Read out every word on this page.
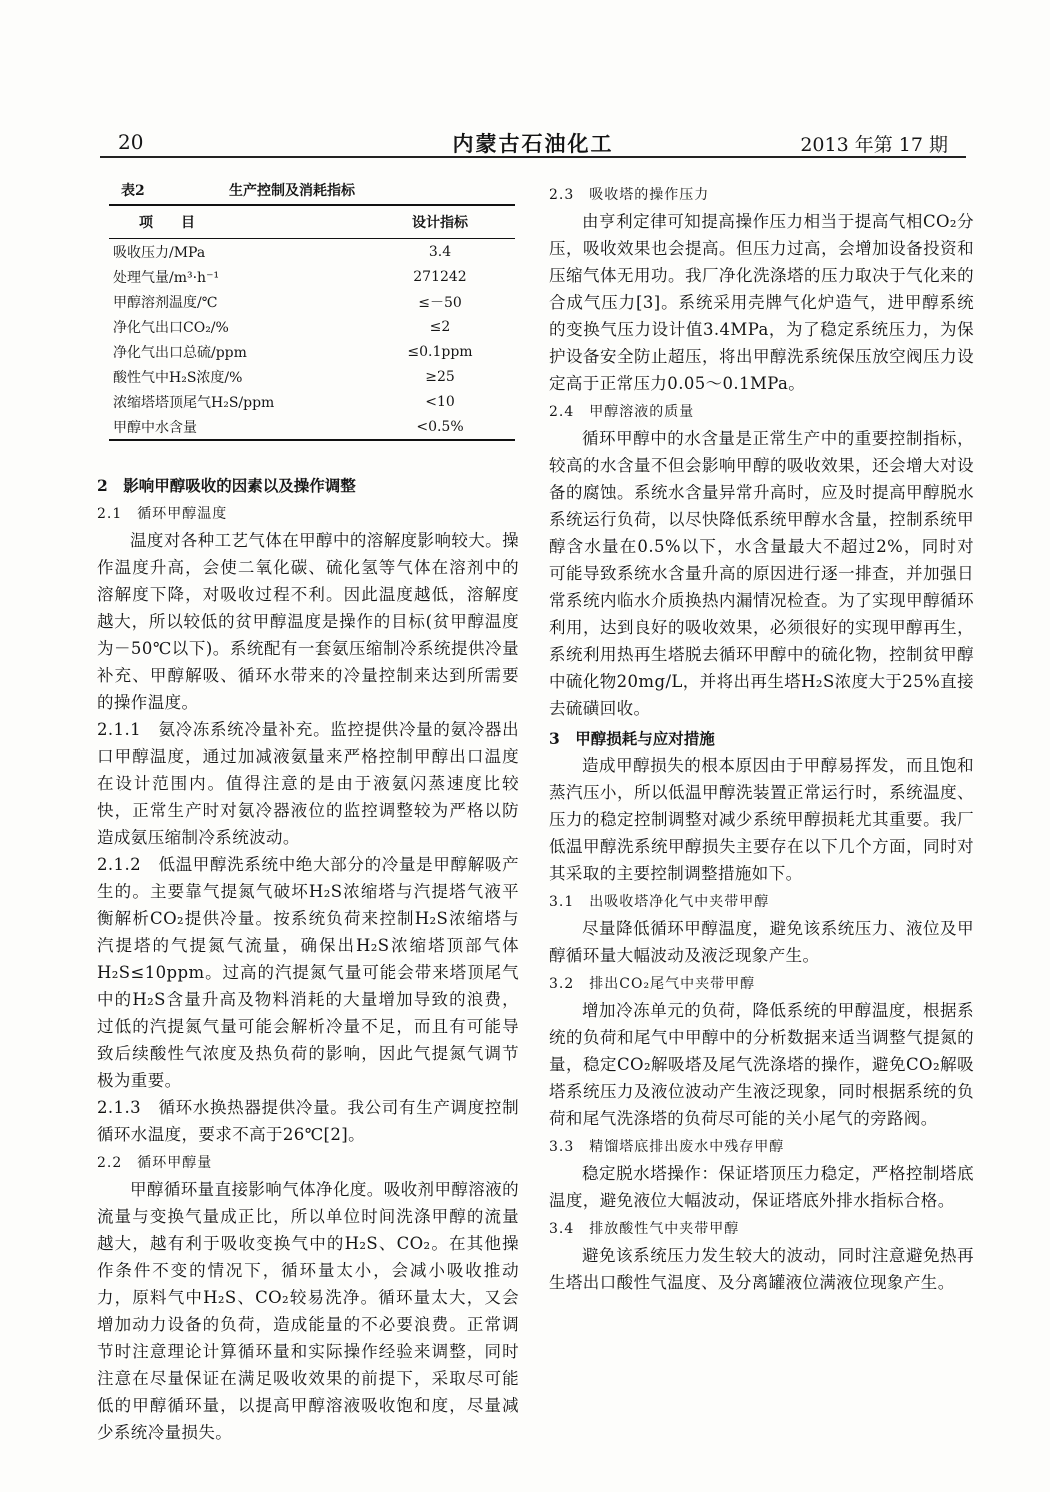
20	内蒙古石油化工	2013 年第 17 期
表2	生产控制及消耗指标
项　　目	设计指标
吸收压力/MPa	3.4
处理气量/m³·h⁻¹	271242
甲醇溶剂温度/℃	≤－50
净化气出口CO₂/%	≤2
净化气出口总硫/ppm	≤0.1ppm
酸性气中H₂S浓度/%	≥25
浓缩塔塔顶尾气H₂S/ppm	<10
甲醇中水含量	<0.5%
2　影响甲醇吸收的因素以及操作调整
2.1　循环甲醇温度

温度对各种工艺气体在甲醇中的溶解度影响较大。操作温度升高，会使二氧化碳、硫化氢等气体在溶剂中的溶解度下降，对吸收过程不利。因此温度越低，溶解度越大，所以较低的贫甲醇温度是操作的目标(贫甲醇温度为－50℃以下)。系统配有一套氨压缩制冷系统提供冷量补充、甲醇解吸、循环水带来的冷量控制来达到所需要的操作温度。

2.1.1　氨冷冻系统冷量补充。监控提供冷量的氨冷器出口甲醇温度，通过加减液氨量来严格控制甲醇出口温度在设计范围内。值得注意的是由于液氨闪蒸速度比较快，正常生产时对氨冷器液位的监控调整较为严格以防造成氨压缩制冷系统波动。

2.1.2　低温甲醇洗系统中绝大部分的冷量是甲醇解吸产生的。主要靠气提氮气破坏H₂S浓缩塔与汽提塔气液平衡解析CO₂提供冷量。按系统负荷来控制H₂S浓缩塔与汽提塔的气提氮气流量，确保出H₂S浓缩塔顶部气体H₂S≤10ppm。过高的汽提氮气量可能会带来塔顶尾气中的H₂S含量升高及物料消耗的大量增加导致的浪费，过低的汽提氮气量可能会解析冷量不足，而且有可能导致后续酸性气浓度及热负荷的影响，因此气提氮气调节极为重要。

2.1.3　循环水换热器提供冷量。我公司有生产调度控制循环水温度，要求不高于26℃[2]。

2.2　循环甲醇量

甲醇循环量直接影响气体净化度。吸收剂甲醇溶液的流量与变换气量成正比，所以单位时间洗涤甲醇的流量越大，越有利于吸收变换气中的H₂S、CO₂。在其他操作条件不变的情况下，循环量太小，会减小吸收推动力，原料气中H₂S、CO₂较易洗净。循环量太大，又会增加动力设备的负荷，造成能量的不必要浪费。正常调节时注意理论计算循环量和实际操作经验来调整，同时注意在尽量保证在满足吸收效果的前提下，采取尽可能低的甲醇循环量，以提高甲醇溶液吸收饱和度，尽量减少系统冷量损失。

2.3　吸收塔的操作压力

由亨利定律可知提高操作压力相当于提高气相CO₂分压，吸收效果也会提高。但压力过高，会增加设备投资和压缩气体无用功。我厂净化洗涤塔的压力取决于气化来的合成气压力[3]。系统采用壳牌气化炉造气，进甲醇系统的变换气压力设计值3.4MPa，为了稳定系统压力，为保护设备安全防止超压，将出甲醇洗系统保压放空阀压力设定高于正常压力0.05～0.1MPa。

2.4　甲醇溶液的质量

循环甲醇中的水含量是正常生产中的重要控制指标，较高的水含量不但会影响甲醇的吸收效果，还会增大对设备的腐蚀。系统水含量异常升高时，应及时提高甲醇脱水系统运行负荷，以尽快降低系统甲醇水含量，控制系统甲醇含水量在0.5%以下，水含量最大不超过2%，同时对可能导致系统水含量升高的原因进行逐一排查，并加强日常系统内临水介质换热内漏情况检查。为了实现甲醇循环利用，达到良好的吸收效果，必须很好的实现甲醇再生，系统利用热再生塔脱去循环甲醇中的硫化物，控制贫甲醇中硫化物20mg/L，并将出再生塔H₂S浓度大于25%直接去硫磺回收。

3　甲醇损耗与应对措施

造成甲醇损失的根本原因由于甲醇易挥发，而且饱和蒸汽压小，所以低温甲醇洗装置正常运行时，系统温度、压力的稳定控制调整对减少系统甲醇损耗尤其重要。我厂低温甲醇洗系统甲醇损失主要存在以下几个方面，同时对其采取的主要控制调整措施如下。

3.1　出吸收塔净化气中夹带甲醇

尽量降低循环甲醇温度，避免该系统压力、液位及甲醇循环量大幅波动及液泛现象产生。

3.2　排出CO₂尾气中夹带甲醇

增加冷冻单元的负荷，降低系统的甲醇温度，根据系统的负荷和尾气中甲醇中的分析数据来适当调整气提氮的量，稳定CO₂解吸塔及尾气洗涤塔的操作，避免CO₂解吸塔系统压力及液位波动产生液泛现象，同时根据系统的负荷和尾气洗涤塔的负荷尽可能的关小尾气的旁路阀。

3.3　精馏塔底排出废水中残存甲醇

稳定脱水塔操作：保证塔顶压力稳定，严格控制塔底温度，避免液位大幅波动，保证塔底外排水指标合格。

3.4　排放酸性气中夹带甲醇

避免该系统压力发生较大的波动，同时注意避免热再生塔出口酸性气温度、及分离罐液位满液位现象产生。
